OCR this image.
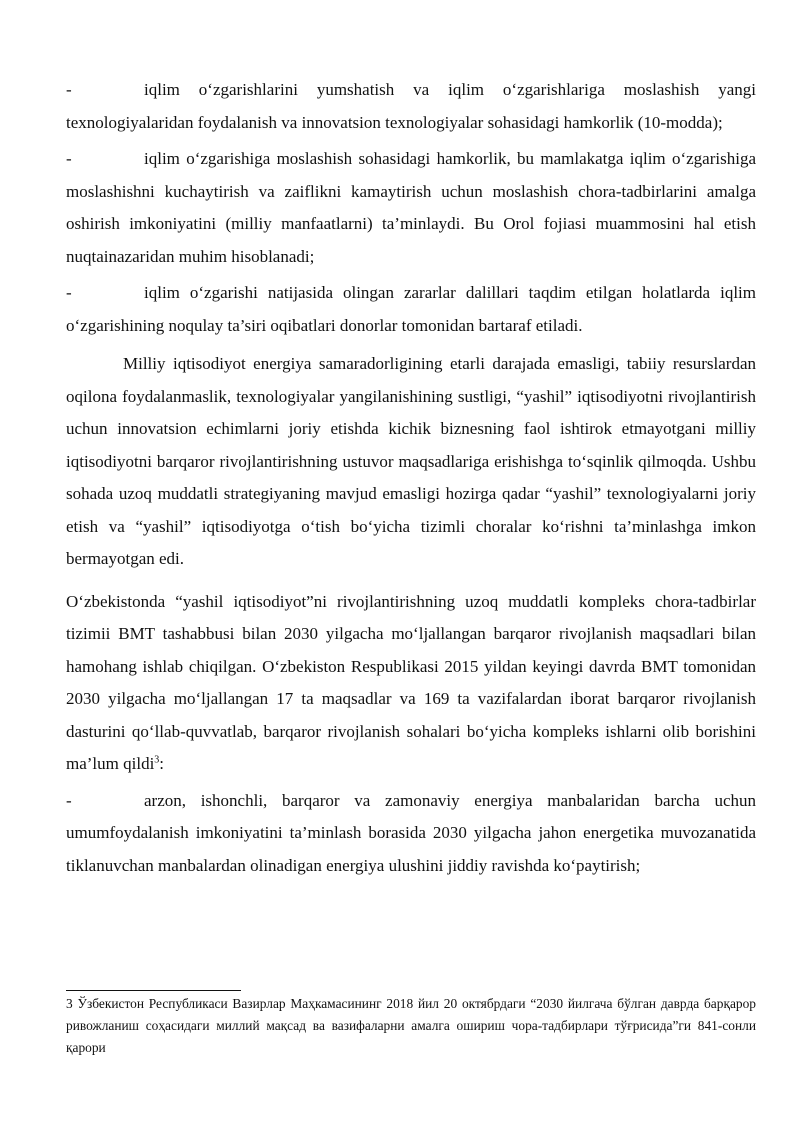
-	iqlim o‘zgarishlarini yumshatish va iqlim o‘zgarishlariga moslashish yangi texnologiyalaridan foydalanish va innovatsion texnologiyalar sohasidagi hamkorlik (10-modda);

-	iqlim o‘zgarishiga moslashish sohasidagi hamkorlik, bu mamlakatga iqlim o‘zgarishiga moslashishni kuchaytirish va zaiflikni kamaytirish uchun moslashish chora-tadbirlarini amalga oshirish imkoniyatini (milliy manfaatlarni) ta’minlaydi. Bu Orol fojiasi muammosini hal etish nuqtainazaridan muhim hisoblanadi;

-	iqlim o‘zgarishi natijasida olingan zararlar dalillari taqdim etilgan holatlarda iqlim o‘zgarishining noqulay ta’siri oqibatlari donorlar tomonidan bartaraf etiladi.

Milliy iqtisodiyot energiya samaradorligining etarli darajada emasligi, tabiiy resurslardan oqilona foydalanmaslik, texnologiyalar yangilanishining sustligi, “yashil” iqtisodiyotni rivojlantirish uchun innovatsion echimlarni joriy etishda kichik biznesning faol ishtirok etmayotgani milliy iqtisodiyotni barqaror rivojlantirishning ustuvor maqsadlariga erishishga to‘sqinlik qilmoqda. Ushbu sohada uzoq muddatli strategiyaning mavjud emasligi hozirga qadar “yashil” texnologiyalarni joriy etish va “yashil” iqtisodiyotga o‘tish bo‘yicha tizimli choralar ko‘rishni ta’minlashga imkon bermayotgan edi.

O‘zbekistonda “yashil iqtisodiyot”ni rivojlantirishning uzoq muddatli kompleks chora-tadbirlar tizimii BMT tashabbusi bilan 2030 yilgacha mo‘ljallangan barqaror rivojlanish maqsadlari bilan hamohang ishlab chiqilgan. O‘zbekiston Respublikasi 2015 yildan keyingi davrda BMT tomonidan 2030 yilgacha mo‘ljallangan 17 ta maqsadlar va 169 ta vazifalardan iborat barqaror rivojlanish dasturini qo‘llab-quvvatlab, barqaror rivojlanish sohalari bo‘yicha kompleks ishlarni olib borishini ma’lum qildi$^3$:

-	arzon, ishonchli, barqaror va zamonaviy energiya manbalaridan barcha uchun umumfoydalanish imkoniyatini ta’minlash borasida 2030 yilgacha jahon energetika muvozanatida tiklanuvchan manbalardan olinadigan energiya ulushini jiddiy ravishda ko‘paytirish;

3 Ўзбекистон Республикаси Вазирлар Маҳкамасининг 2018 йил 20 октябрдаги “2030 йилгача бўлган даврда барқарор ривожланиш соҳасидаги миллий мақсад ва вазифаларни амалга ошириш чора-тадбирлари тўғрисида”ги 841-сонли қарори
